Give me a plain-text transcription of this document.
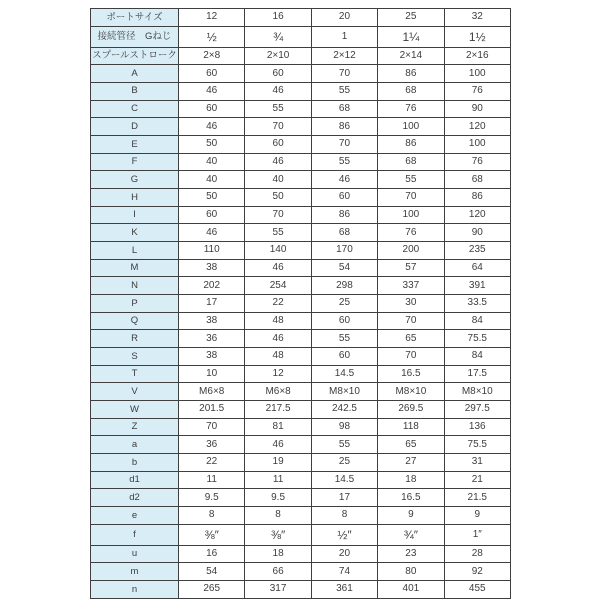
ポートサイズ	12	16	20	25	32
接続管径　Gねじ	½	¾	1	1¼	1½
スプールストローク	2×8	2×10	2×12	2×14	2×16
A	60	60	70	86	100
B	46	46	55	68	76
C	60	55	68	76	90
D	46	70	86	100	120
E	50	60	70	86	100
F	40	46	55	68	76
G	40	40	46	55	68
H	50	50	60	70	86
I	60	70	86	100	120
K	46	55	68	76	90
L	110	140	170	200	235
M	38	46	54	57	64
N	202	254	298	337	391
P	17	22	25	30	33.5
Q	38	48	60	70	84
R	36	46	55	65	75.5
S	38	48	60	70	84
T	10	12	14.5	16.5	17.5
V	M6×8	M6×8	M8×10	M8×10	M8×10
W	201.5	217.5	242.5	269.5	297.5
Z	70	81	98	118	136
a	36	46	55	65	75.5
b	22	19	25	27	31
d1	11	11	14.5	18	21
d2	9.5	9.5	17	16.5	21.5
e	8	8	8	9	9
f	⅜″	⅜″	½″	¾″	1″
u	16	18	20	23	28
m	54	66	74	80	92
n	265	317	361	401	455
